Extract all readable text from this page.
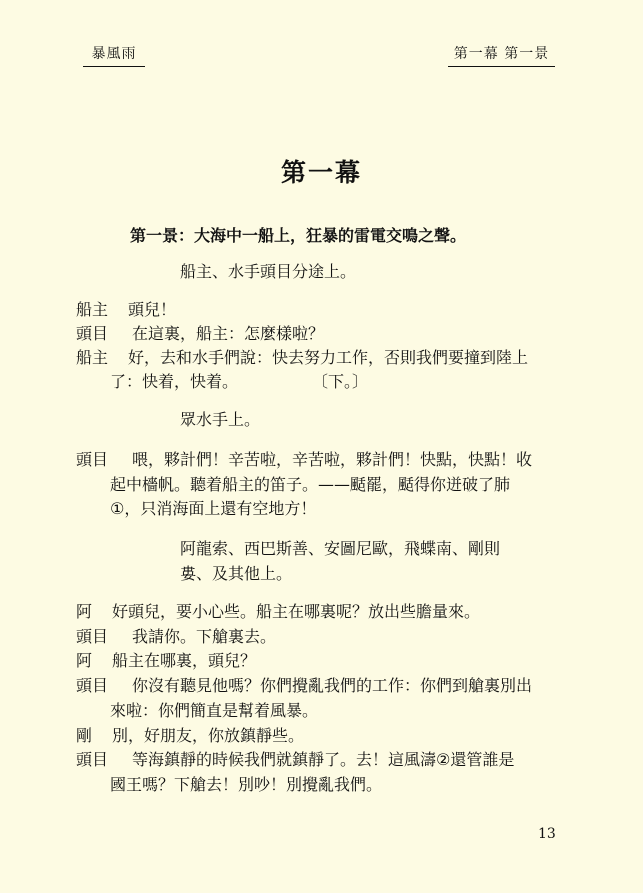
暴風雨	第一幕 第一景
第一幕
第一景：大海中一船上，狂暴的雷電交鳴之聲。
船主、水手頭目分途上。
船主 頭兒！
頭目 在這裏，船主：怎麼樣啦？
船主 好，去和水手們說：快去努力工作，否則我們要撞到陸上
了：快着，快着。	〔下。〕
眾水手上。
頭目 喂，夥計們！辛苦啦，辛苦啦，夥計們！快點，快點！收
起中檣帆。聽着船主的笛子。——颳罷，颳得你迸破了肺
①，只消海面上還有空地方！
阿龍索、西巴斯善、安圖尼歐，飛蝶南、剛則
婁、及其他上。
阿 好頭兒，要小心些。船主在哪裏呢？放出些膽量來。
頭目 我請你。下艙裏去。
阿 船主在哪裏，頭兒？
頭目 你沒有聽見他嗎？你們攪亂我們的工作：你們到艙裏別出
來啦：你們簡直是幫着風暴。
剛 別，好朋友，你放鎮靜些。
頭目 等海鎮靜的時候我們就鎮靜了。去！這風濤②還管誰是
國王嗎？下艙去！別吵！別攪亂我們。
13
